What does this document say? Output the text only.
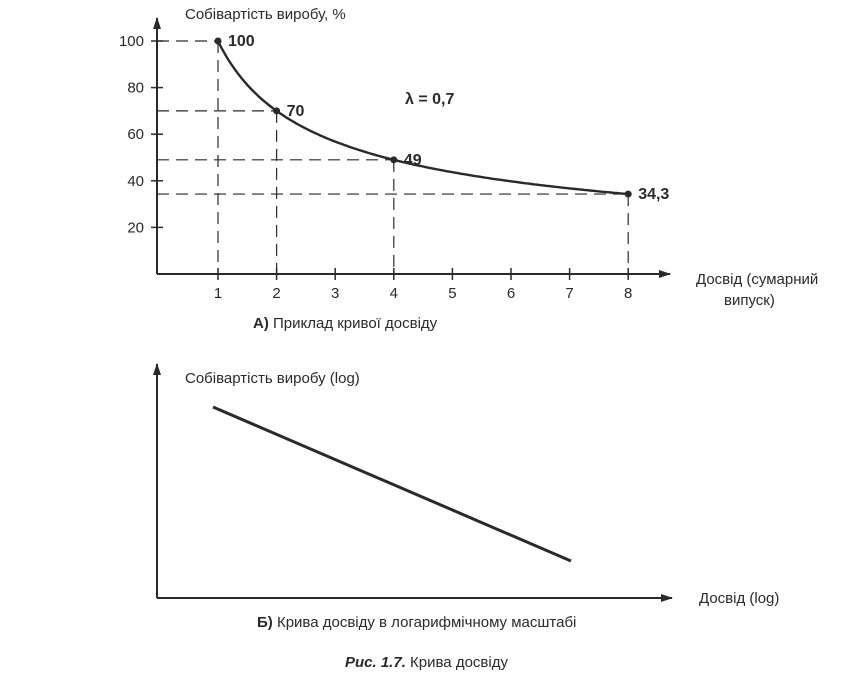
1	2	3	4	5	6	7	8
20
40
60
80
100	100
70
49
34,3
Собівартість виробу, %
Досвід (сумарний
випуск)
λ = 0,7
А) Приклад кривої досвіду
Собівартість виробу (log)
Досвід (log)
Б) Крива досвіду в логарифмічному масштабі
Рис. 1.7. Крива досвіду
